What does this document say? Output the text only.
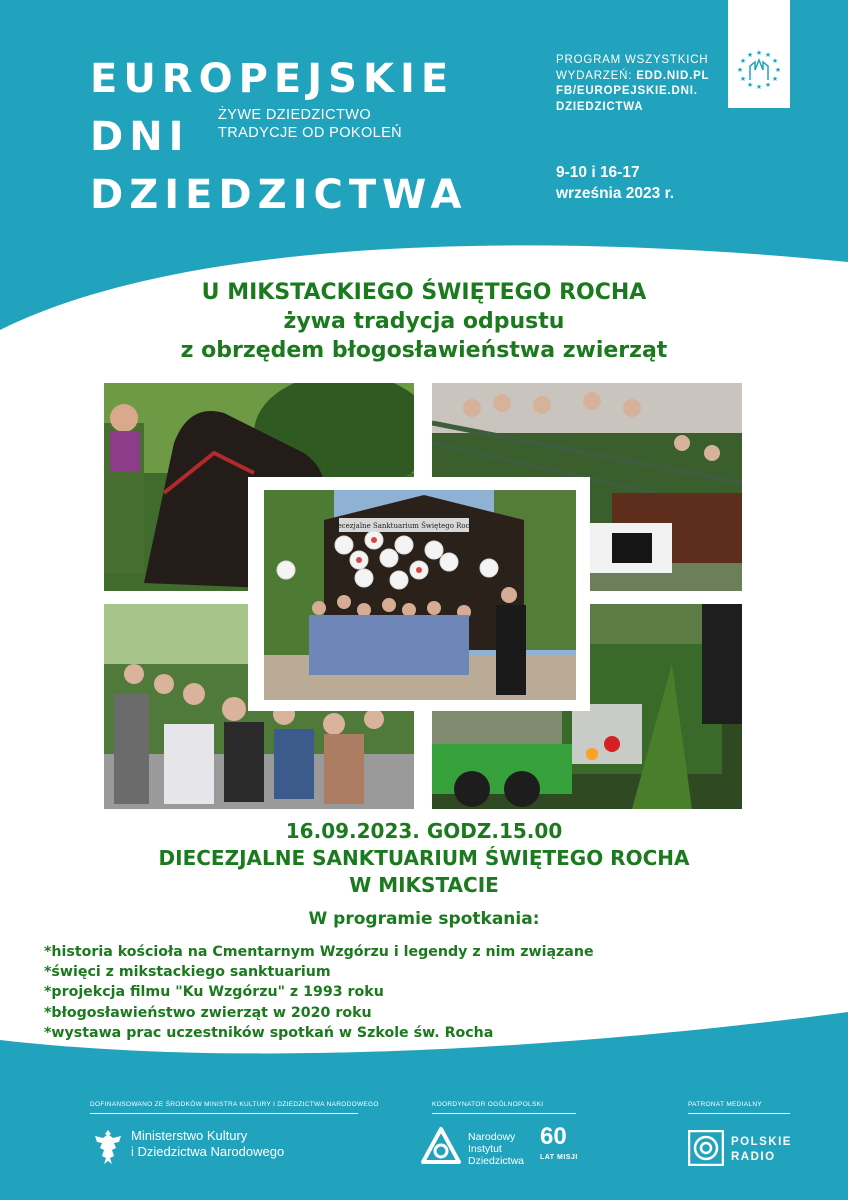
EUROPEJSKIE
DNI
DZIEDZICTWA
ŻYWE DZIEDZICTWO
TRADYCJE OD POKOLEŃ
PROGRAM WSZYSTKICH
WYDARZEŃ: EDD.NID.PL
FB/EUROPEJSKIE.DNI.
DZIEDZICTWA
9-10 i 16-17
września 2023 r.
★ ★
★
★
★
★
★
★
★
★
★
★
U MIKSTACKIEGO ŚWIĘTEGO ROCHA
żywa tradycja odpustu
z obrzędem błogosławieństwa zwierząt
Diecezjalne Sanktuarium Świętego Rocha
16.09.2023. GODZ.15.00
DIECEZJALNE SANKTUARIUM ŚWIĘTEGO ROCHA
W MIKSTACIE
W programie spotkania:
*historia kościoła na Cmentarnym Wzgórzu i legendy z nim związane
*święci z mikstackiego sanktuarium
*projekcja filmu "Ku Wzgórzu" z 1993 roku
*błogosławieństwo zwierząt w 2020 roku
*wystawa prac uczestników spotkań w Szkole św. Rocha
DOFINANSOWANO ZE ŚRODKÓW MINISTRA KULTURY I DZIEDZICTWA NARODOWEGO	KOORDYNATOR OGÓLNOPOLSKI	PATRONAT MEDIALNY
Ministerstwo Kultury
i Dziedzictwa Narodowego
Narodowy
Instytut
Dziedzictwa
60
LAT MISJI
POLSKIE
RADIO
